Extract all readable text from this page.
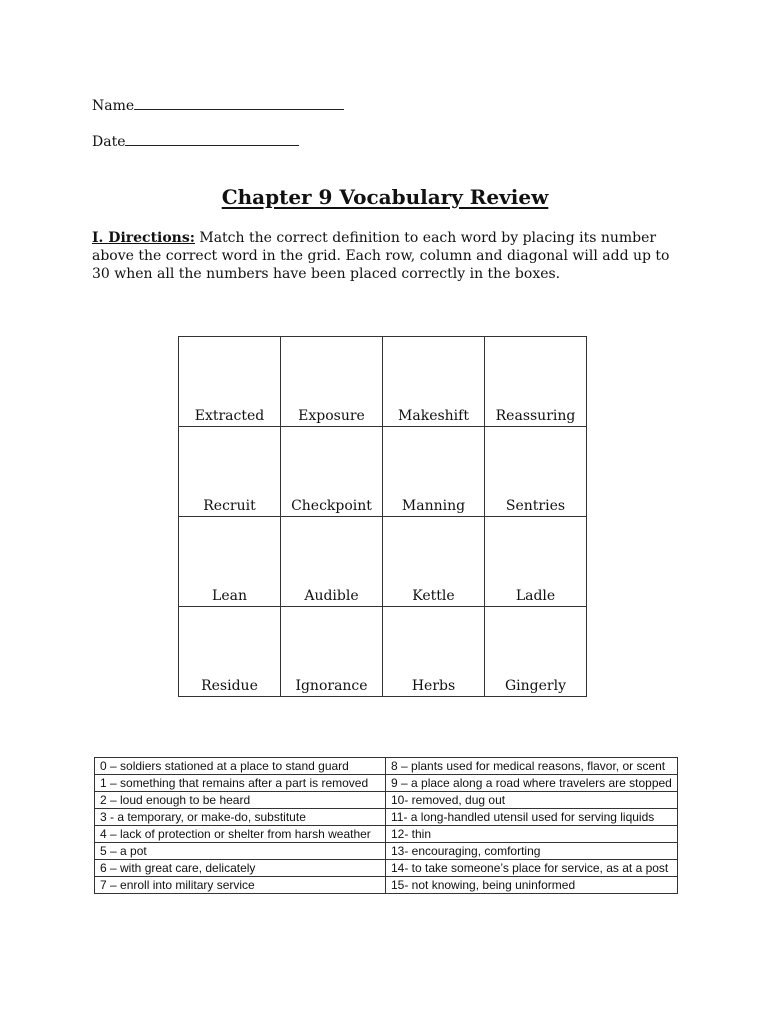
Name
Date
Chapter 9 Vocabulary Review
I. Directions: Match the correct definition to each word by placing its number above the correct word in the grid. Each row, column and diagonal will add up to 30 when all the numbers have been placed correctly in the boxes.
Extracted	Exposure	Makeshift	Reassuring
Recruit	Checkpoint	Manning	Sentries
Lean	Audible	Kettle	Ladle
Residue	Ignorance	Herbs	Gingerly
0 – soldiers stationed at a place to stand guard	8 – plants used for medical reasons, flavor, or scent
1 – something that remains after a part is removed	9 – a place along a road where travelers are stopped
2 – loud enough to be heard	10- removed, dug out
3 - a temporary, or make-do, substitute	11- a long-handled utensil used for serving liquids
4 – lack of protection or shelter from harsh weather	12- thin
5 – a pot	13- encouraging, comforting
6 – with great care, delicately	14- to take someone’s place for service, as at a post
7 – enroll into military service	15- not knowing, being uninformed
